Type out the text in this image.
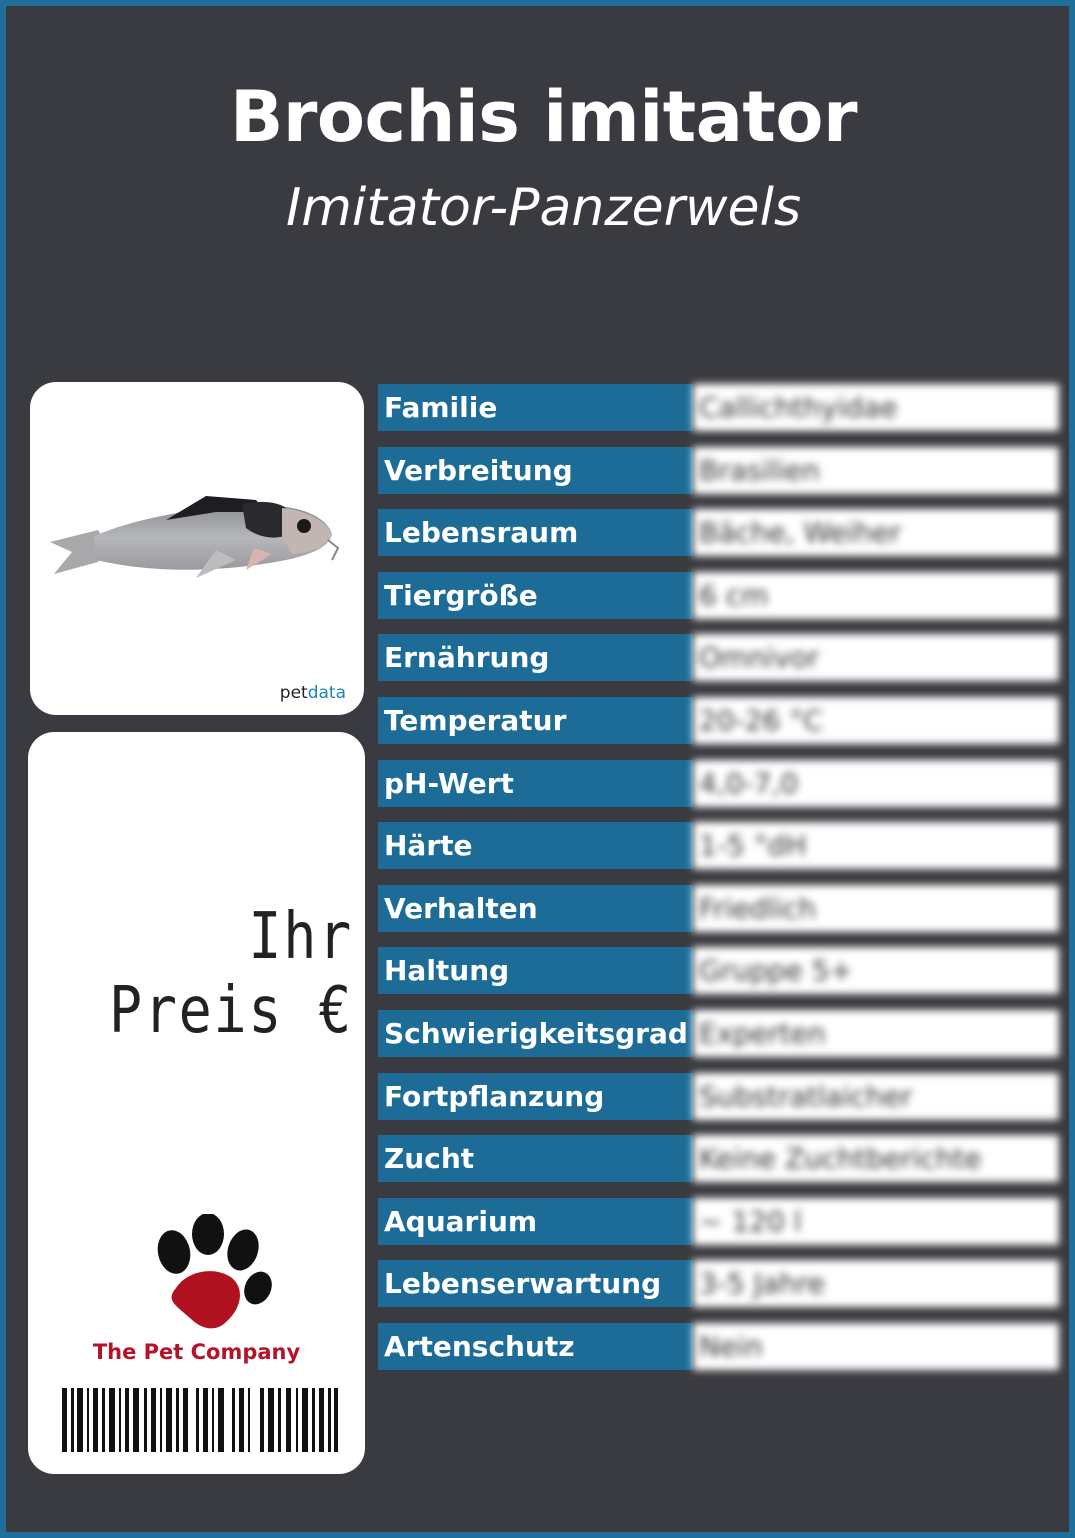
Brochis imitator
Imitator-Panzerwels
petdata
Ihr Preis €
The Pet Company
Familie	Callichthyidae
Verbreitung	Brasilien
Lebensraum	Bäche, Weiher
Tiergröße	6 cm
Ernährung	Omnivor
Temperatur	20-26 °C
pH-Wert	4,0-7,0
Härte	1-5 °dH
Verhalten	Friedlich
Haltung	Gruppe 5+
Schwierigkeitsgrad Experten
Fortpflanzung	Substratlaicher
Zucht	Keine Zuchtberichte
Aquarium	~ 120 l
Lebenserwartung	3-5 Jahre
Artenschutz	Nein
